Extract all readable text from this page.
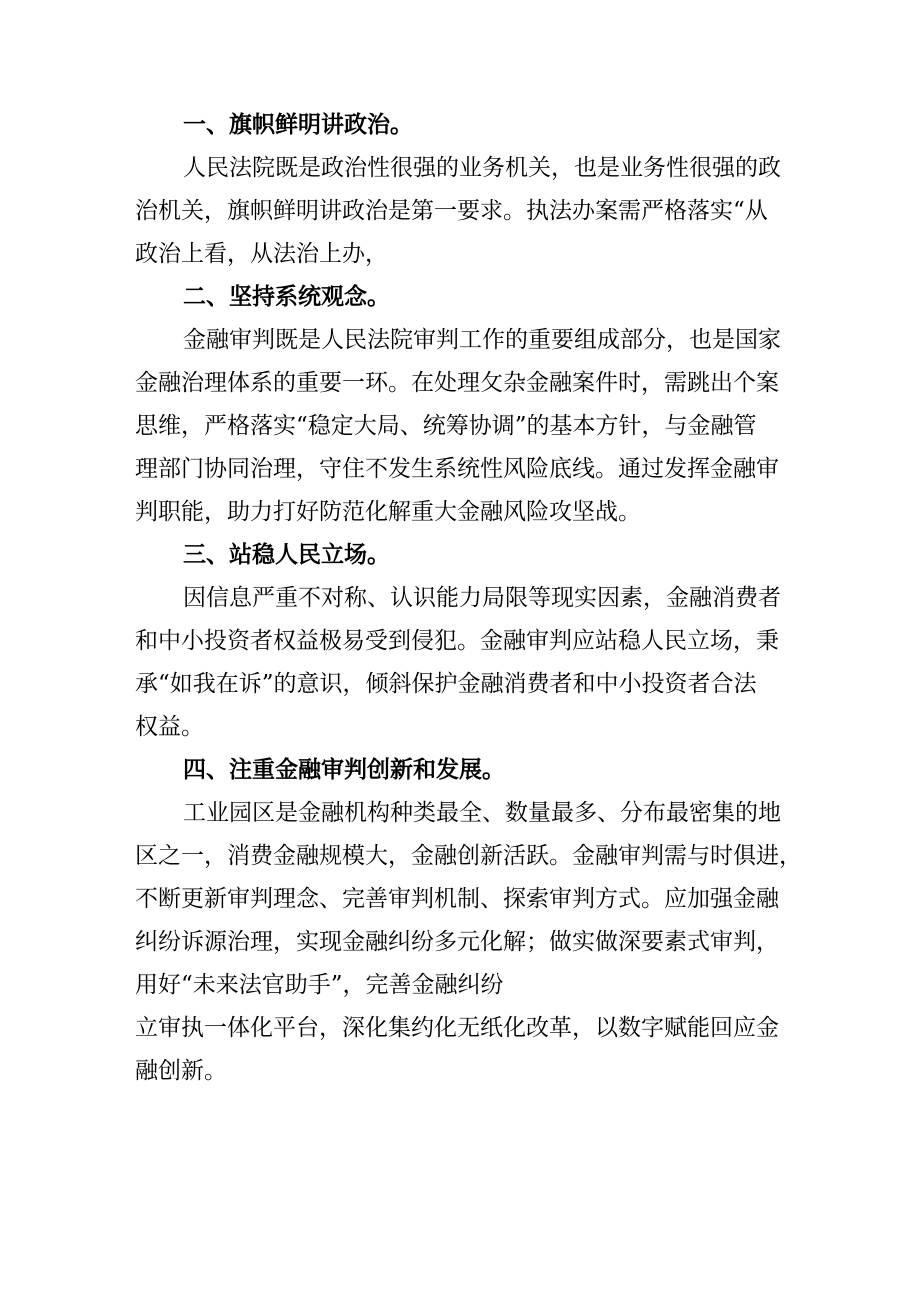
一、旗帜鲜明讲政治。
人民法院既是政治性很强的业务机关，也是业务性很强的政
治机关，旗帜鲜明讲政治是第一要求。执法办案需严格落实“从
政治上看，从法治上办，
二、坚持系统观念。
金融审判既是人民法院审判工作的重要组成部分，也是国家
金融治理体系的重要一环。在处理攵杂金融案件时，需跳出个案
思维，严格落实“稳定大局、统筹协调”的基本方针，与金融管
理部门协同治理，守住不发生系统性风险底线。通过发挥金融审
判职能，助力打好防范化解重大金融风险攻坚战。
三、站稳人民立场。
因信息严重不对称、认识能力局限等现实因素，金融消费者
和中小投资者权益极易受到侵犯。金融审判应站稳人民立场，秉
承“如我在诉”的意识，倾斜保护金融消费者和中小投资者合法
权益。
四、注重金融审判创新和发展。
工业园区是金融机构种类最全、数量最多、分布最密集的地
区之一，消费金融规模大，金融创新活跃。金融审判需与时俱进，
不断更新审判理念、完善审判机制、探索审判方式。应加强金融
纠纷诉源治理，实现金融纠纷多元化解；做实做深要素式审判，
用好“未来法官助手”，完善金融纠纷
立审执一体化平台，深化集约化无纸化改革，以数字赋能回应金
融创新。
